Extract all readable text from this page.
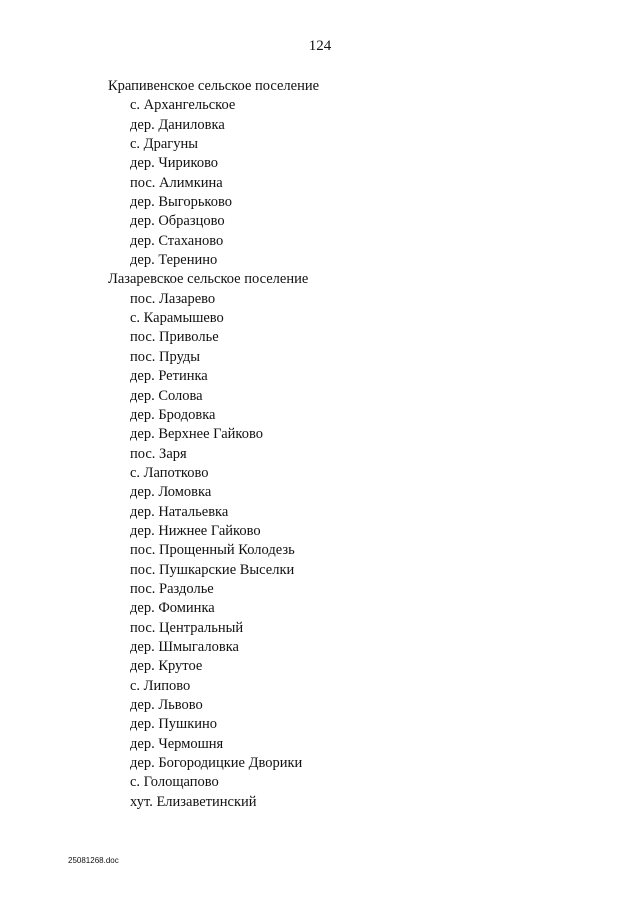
124
Крапивенское сельское поселение
с. Архангельское
дер. Даниловка
с. Драгуны
дер. Чириково
пос. Алимкина
дер. Выгорьково
дер. Образцово
дер. Стаханово
дер. Теренино
Лазаревское сельское поселение
пос. Лазарево
с. Карамышево
пос. Приволье
пос. Пруды
дер. Ретинка
дер. Солова
дер. Бродовка
дер. Верхнее Гайково
пос. Заря
с. Лапотково
дер. Ломовка
дер. Натальевка
дер. Нижнее Гайково
пос. Прощенный Колодезь
пос. Пушкарские Выселки
пос. Раздолье
дер. Фоминка
пос. Центральный
дер. Шмыгаловка
дер. Крутое
с. Липово
дер. Львово
дер. Пушкино
дер. Чермошня
дер. Богородицкие Дворики
с. Голощапово
хут. Елизаветинский
25081268.doc
